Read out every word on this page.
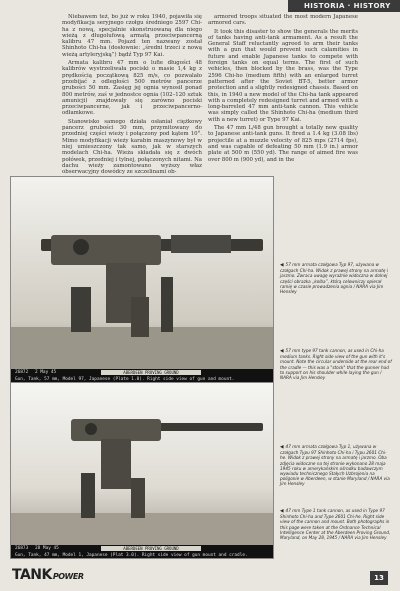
HISTORIA · HISTORY

Niebawem też, bo już w roku 1940, pojawiła się modyfikacja seryjnego czołgu średniego 2597 Chi-ha z nową, specjalnie skonstruowaną dla niego wieżą z długolufową armatą przeciwpancerną kalibru 47 mm. Pojazd ten nazwany został Shinhoto Chi-ha (dosłownie: „średni trzeci z nową wieżą artyleryjską”) bądź Typ 97 Kai.

Armata kalibru 47 mm o lufie długości 48 kalibrów wystrzeliwała pociski o masie 1,4 kg z prędkością początkową 825 m/s, co pozwalało przebijać z odległości 500 metrów pancerze grubości 50 mm. Zasięg jej ognia wynosił ponad 800 metrów, zaś w jednostce ognia (102–120 sztuk amunicji) znajdowały się zarówno pociski przeciwpancerne, jak i przeciwpancerno-odłamkowe.

Stanowisko samego działa osłaniał ciężkowy pancerz grubości 30 mm, przymitowany do przedniej części wieży i połączony pod kątem 10°. Mimo modyfikacji wieży karabin maszynowy był w niej umieszczony tak samo, jak w starszych modelach Chi-ha. Wieża składała się z dwóch połówek, przedniej i tylnej, połączonych nitami. Na dachu wieży zamontowano wyższy właz obserwacyjny dowódcy ze szczelinami ob-

armored troops situated the most modern Japanese armored cars.

It took this disaster to show the generals the merits of tanks having anti-tank armament. As a result the General Staff reluctantly agreed to arm their tanks with a gun that would prevent such calamities in future and enable Japanese tanks to compete with foreign tanks on equal terms. The first of such vehicles, then blocked by the brass, was the Type 2596 Chi-ho (medium fifth) with an enlarged turret patterned after the Soviet BT-5, better armor protection and a slightly redesigned chassis. Based on this, in 1940 a new model of the Chi-ha tank appeared with a completely redesigned turret and armed with a long-barreled 47 mm anti-tank cannon. This vehicle was simply called the Shinhoto Chi-ha (medium third with a new turret) or Type 97 Kai.

The 47 mm L/48 gun brought a totally new quality to Japanese anti-tank guns. It fired a 1.4 kg (3.08 lbs) projectile at a muzzle velocity of 825 mps (2714 fps), and was capable of defeating 50 mm (1.9 in.) armor plate at 500 m (550 yd). The range of aimed fire was over 800 m (900 yd), and in the

26872 2 May 45	ABERDEEN PROVING GROUND
Gun, Tank, 57 mm, Model 97, Japanese (Plate 1.0). Right side view of gun and mount.
26873 28 May 45	ABERDEEN PROVING GROUND
Gun, Tank, 47 mm, Model 1, Japanese (Plat 3.0). Right side view of gun mount and cradle.
◀ 57 mm armata czołgowa Typ 97, używana w czołgach Chi-ha. Widok z prawej strony na armatę i jarzmo. Zwraca uwagę wyraźnie widoczna w dolnej części obrazka „kolba”, którą celowniczy opierał ramię w czasie prowadzenia ognia / NARA via Jim Hensley
◀ 57 mm type 97 tank cannon, as used in Chi-ha medium tanks. Right side view of the gun with it's mount. Note the circular underside at the rear end of the cradle — this was a "stock" that the gunner had to support on his shoulder while laying the gun / NARA via Jim Hensley
◀ 47 mm armata czołgowa Typ 1, używana w czołgach Typu 97 Shinhoto Chi-ha i Typu 2601 Chi-he. Widok z prawej strony na armatę i jarzmo. Oba zdjęcia widoczne na tej stronie wykonano 28 maja 1945 roku w amerykańskim ośrodku badawczym wywiadu technicznego Stałych Uzbrojenia na poligonie w Aberdeen, w stanie Maryland / NARA via Jim Hensley
◀ 47 mm Type 1 tank cannon, as used in Type 97 Shinhoto Chi-ha and Type 2601 Chi-he. Right side view of the cannon and mount. Both photographs in this page were taken at the Ordnance Technical Intelligence Center at the Aberdeen Proving Ground, Maryland, on May 28, 1945 / NARA via Jim Hensley
TANKPOWER	13
